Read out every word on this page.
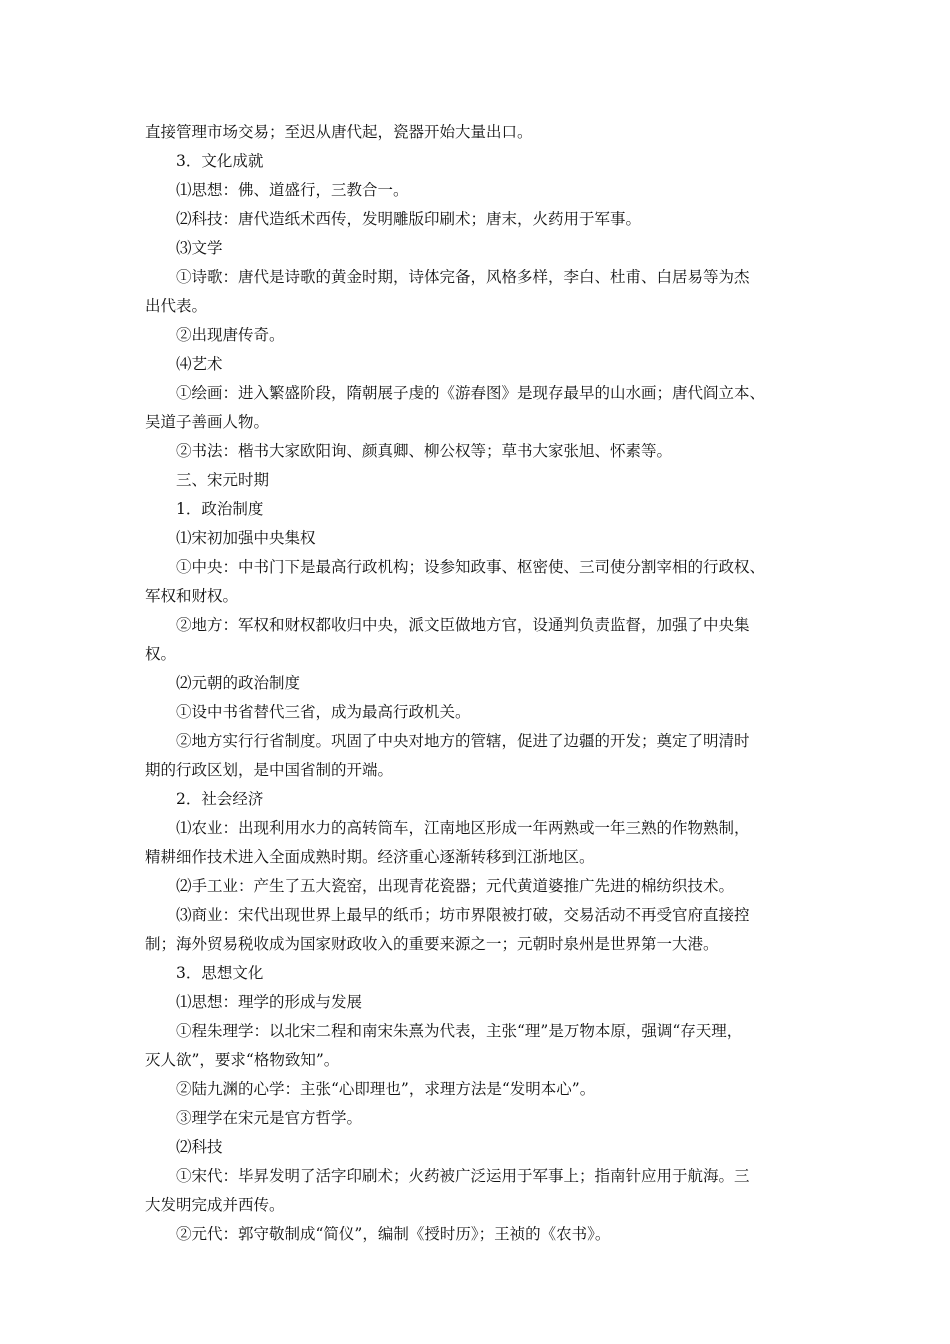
直接管理市场交易；至迟从唐代起，瓷器开始大量出口。
3．文化成就
⑴思想：佛、道盛行，三教合一。
⑵科技：唐代造纸术西传，发明雕版印刷术；唐末，火药用于军事。
⑶文学
①诗歌：唐代是诗歌的黄金时期，诗体完备，风格多样，李白、杜甫、白居易等为杰
出代表。
②出现唐传奇。
⑷艺术
①绘画：进入繁盛阶段，隋朝展子虔的《游春图》是现存最早的山水画；唐代阎立本、
吴道子善画人物。
②书法：楷书大家欧阳询、颜真卿、柳公权等；草书大家张旭、怀素等。
三、宋元时期
1．政治制度
⑴宋初加强中央集权
①中央：中书门下是最高行政机构；设参知政事、枢密使、三司使分割宰相的行政权、
军权和财权。
②地方：军权和财权都收归中央，派文臣做地方官，设通判负责监督，加强了中央集
权。
⑵元朝的政治制度
①设中书省替代三省，成为最高行政机关。
②地方实行行省制度。巩固了中央对地方的管辖，促进了边疆的开发；奠定了明清时
期的行政区划，是中国省制的开端。
2．社会经济
⑴农业：出现利用水力的高转筒车，江南地区形成一年两熟或一年三熟的作物熟制，
精耕细作技术进入全面成熟时期。经济重心逐渐转移到江浙地区。
⑵手工业：产生了五大瓷窑，出现青花瓷器；元代黄道婆推广先进的棉纺织技术。
⑶商业：宋代出现世界上最早的纸币；坊市界限被打破，交易活动不再受官府直接控
制；海外贸易税收成为国家财政收入的重要来源之一；元朝时泉州是世界第一大港。
3．思想文化
⑴思想：理学的形成与发展
①程朱理学：以北宋二程和南宋朱熹为代表，主张“理”是万物本原，强调“存天理，
灭人欲”，要求“格物致知”。
②陆九渊的心学：主张“心即理也”，求理方法是“发明本心”。
③理学在宋元是官方哲学。
⑵科技
①宋代：毕昇发明了活字印刷术；火药被广泛运用于军事上；指南针应用于航海。三
大发明完成并西传。
②元代：郭守敬制成“简仪”，编制《授时历》；王祯的《农书》。
